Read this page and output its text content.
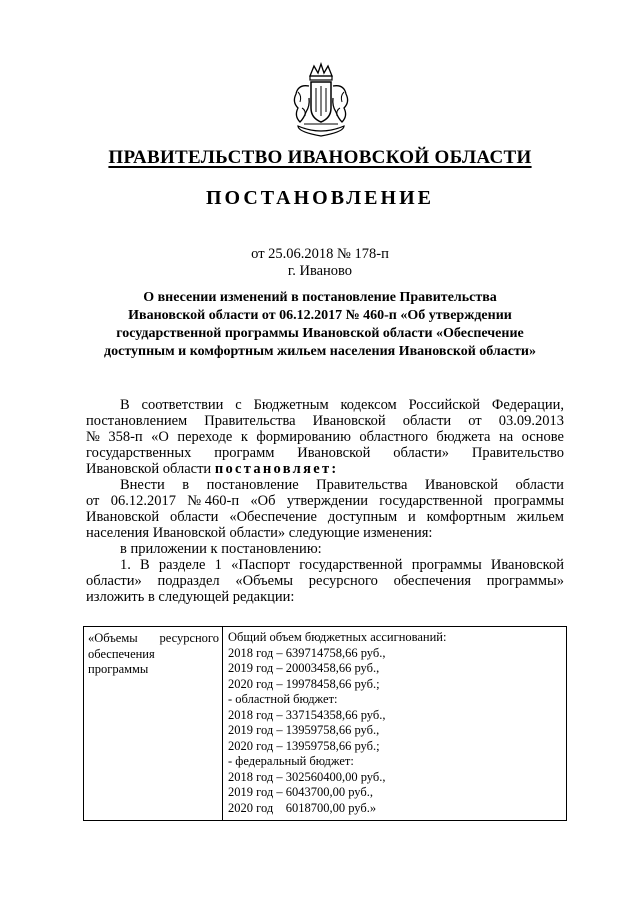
ПРАВИТЕЛЬСТВО ИВАНОВСКОЙ ОБЛАСТИ
ПОСТАНОВЛЕНИЕ
от 25.06.2018 № 178-п
г. Иваново
О внесении изменений в постановление Правительства
Ивановской области от 06.12.2017 № 460-п «Об утверждении
государственной программы Ивановской области «Обеспечение
доступным и комфортным жильем населения Ивановской области»
В соответствии с Бюджетным кодексом Российской Федерации,
постановлением Правительства Ивановской области от 03.09.2013
№ 358-п «О переходе к формированию областного бюджета на основе
государственных программ Ивановской области» Правительство
Ивановской области
постановляет:
Внести в постановление Правительства Ивановской области
от 06.12.2017 № 460-п «Об утверждении государственной программы
Ивановской области «Обеспечение доступным и комфортным жильем
населения Ивановской области» следующие изменения:
в приложении к постановлению:
1. В разделе 1 «Паспорт государственной программы Ивановской
области» подраздел «Объемы ресурсного обеспечения программы»
изложить в следующей редакции:
«Объемы ресурсного
обеспечения
программы
Общий объем бюджетных ассигнований:
2018 год – 639714758,66 руб.,
2019 год – 20003458,66 руб.,
2020 год – 19978458,66 руб.;
- областной бюджет:
2018 год – 337154358,66 руб.,
2019 год – 13959758,66 руб.,
2020 год – 13959758,66 руб.;
- федеральный бюджет:
2018 год – 302560400,00 руб.,
2019 год – 6043700,00 руб.,
2020 год    6018700,00 руб.»
